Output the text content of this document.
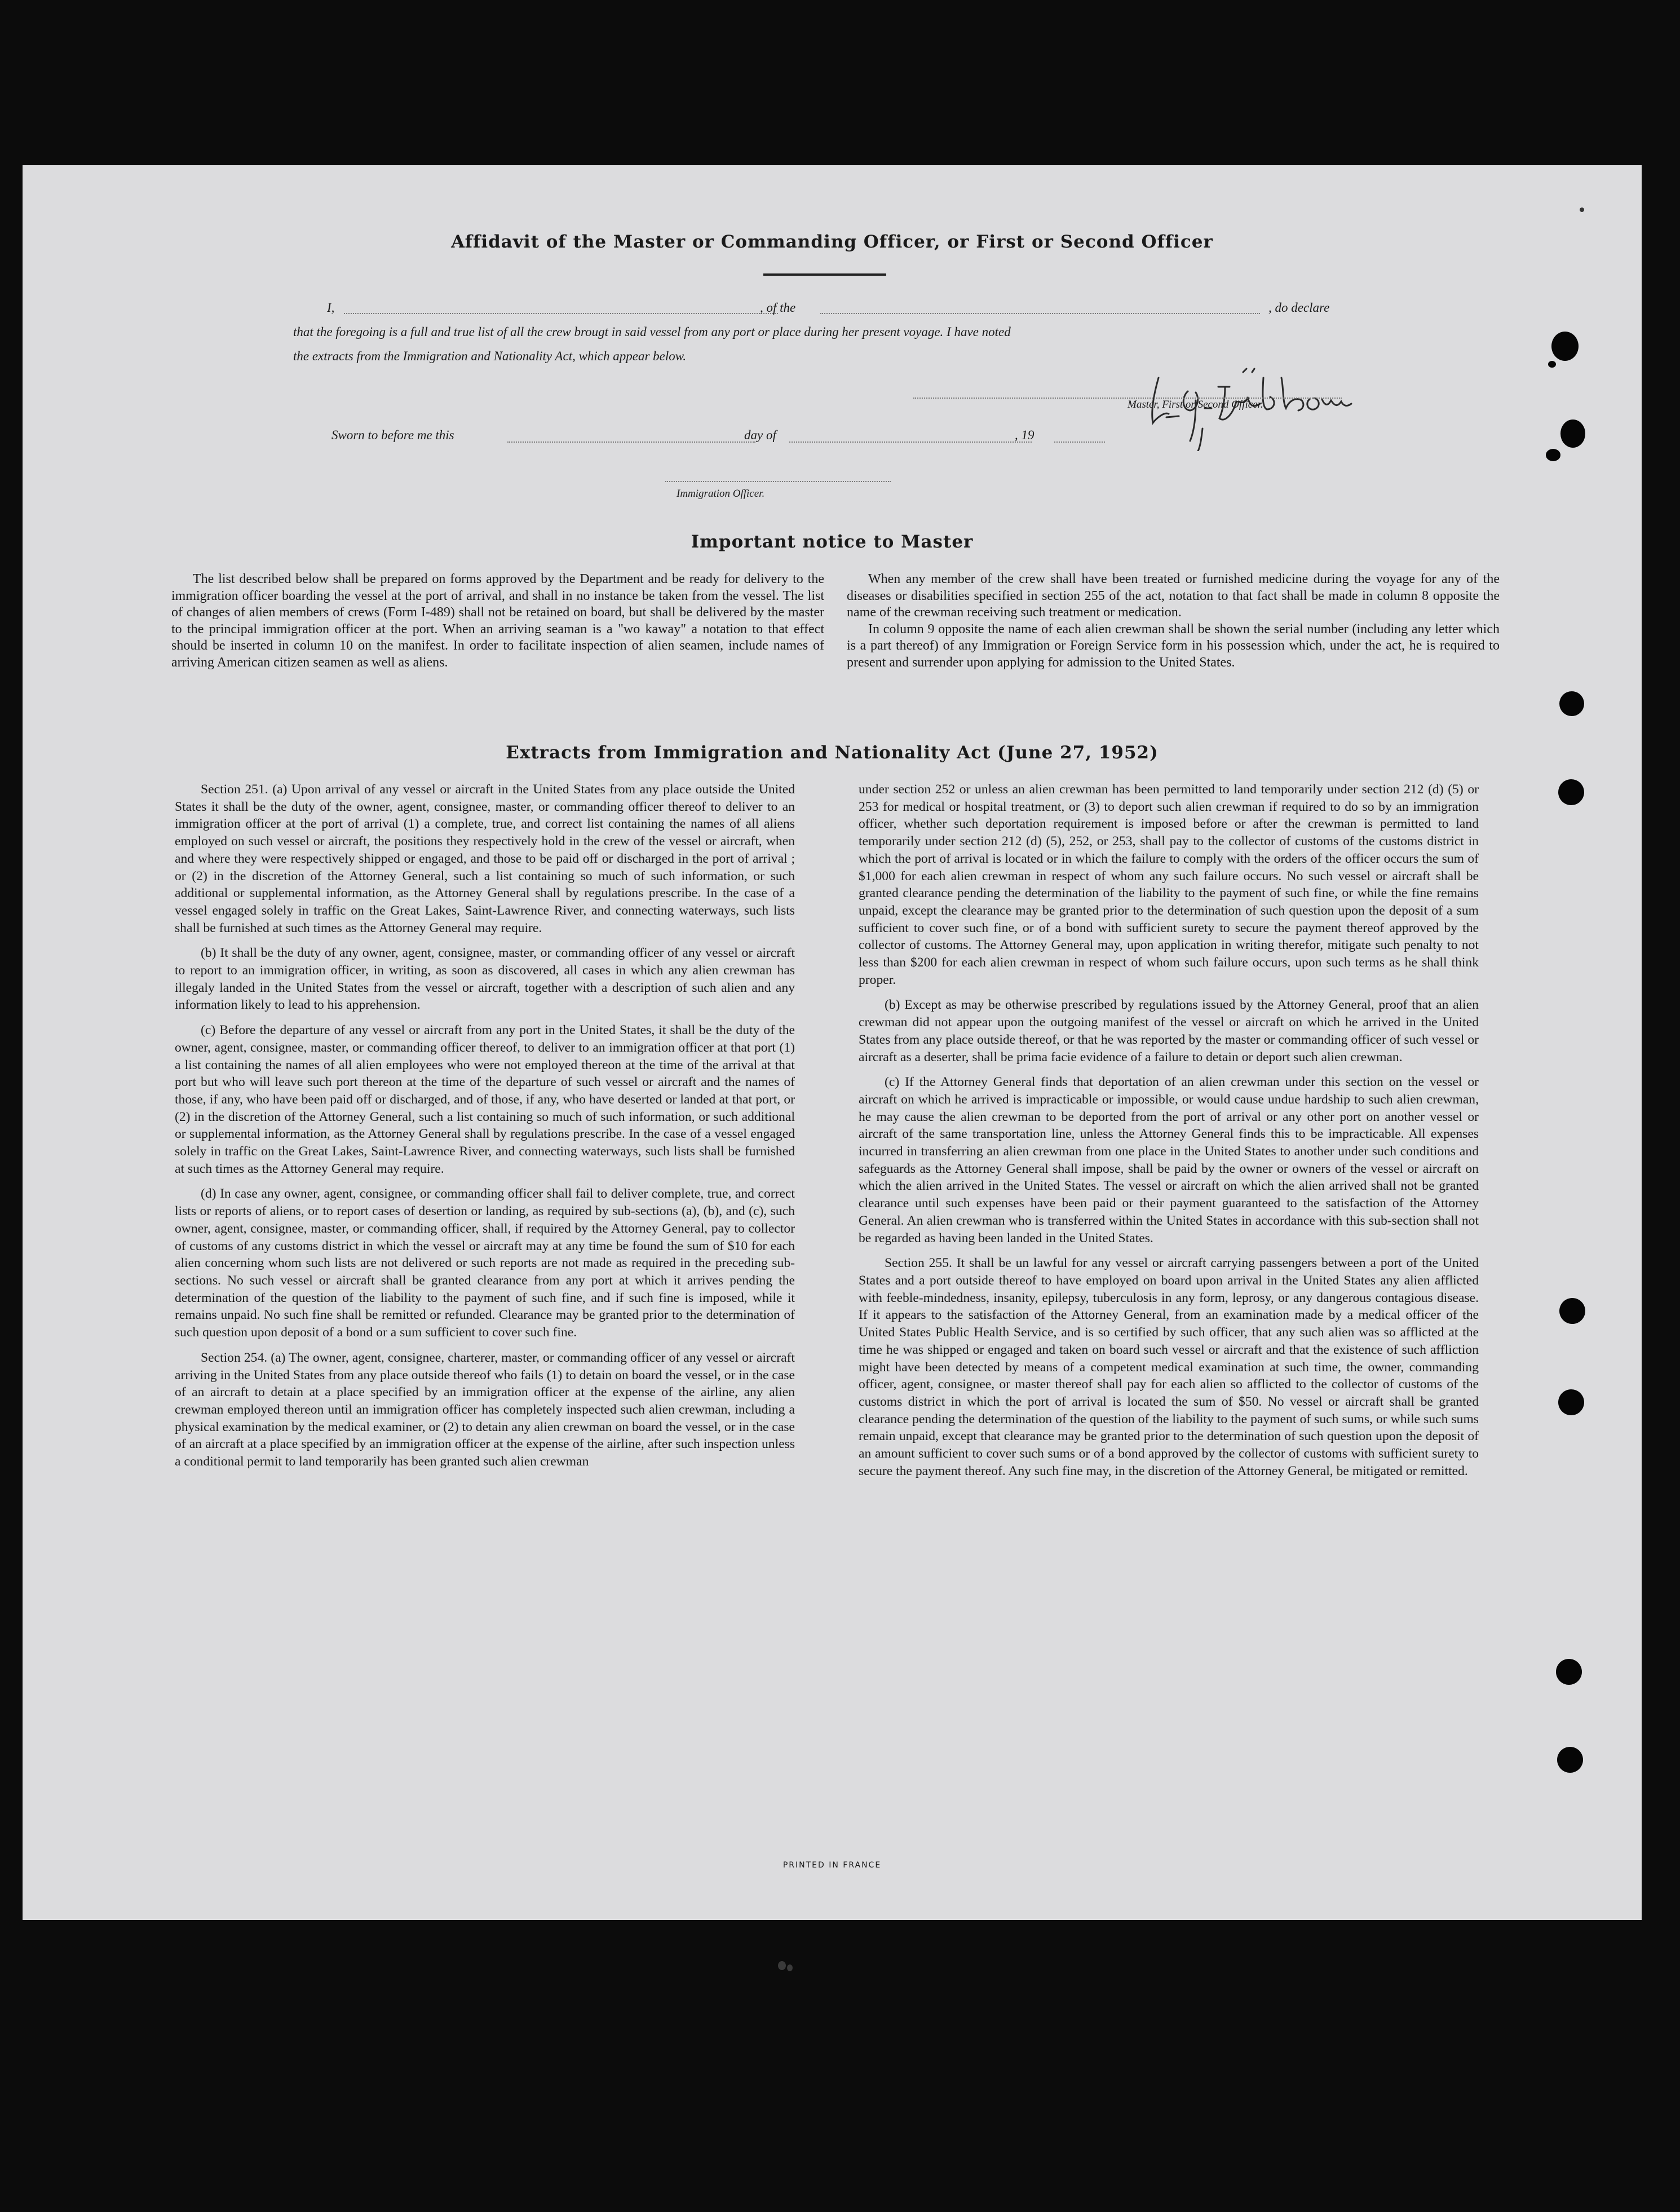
Affidavit of the Master or Commanding Officer, or First or Second Officer
I,	, of the	, do declare
that the foregoing is a full and true list of all the crew brougt in said vessel from any port or place during her present voyage. I have noted
the extracts from the Immigration and Nationality Act, which appear below.
Master, First or Second Officer.
Sworn to before me this	day of	, 19
Immigration Officer.
Important notice to Master

The list described below shall be prepared on forms approved by the Department and be ready for delivery to the immigration officer boarding the vessel at the port of arrival, and shall in no instance be taken from the vessel. The list of changes of alien members of crews (Form I-489) shall not be retained on board, but shall be delivered by the master to the principal immigration officer at the port. When an arriving seaman is a "wo kaway" a notation to that effect should be inserted in column 10 on the manifest. In order to facilitate inspection of alien seamen, include names of arriving American citizen seamen as well as aliens.

When any member of the crew shall have been treated or furnished medicine during the voyage for any of the diseases or disabilities specified in section 255 of the act, notation to that fact shall be made in column 8 opposite the name of the crewman receiving such treatment or medication.

In column 9 opposite the name of each alien crewman shall be shown the serial number (including any letter which is a part thereof) of any Immigration or Foreign Service form in his possession which, under the act, he is required to present and surrender upon applying for admission to the United States.

Extracts from Immigration and Nationality Act (June 27, 1952)

Section 251. (a) Upon arrival of any vessel or aircraft in the United States from any place outside the United States it shall be the duty of the owner, agent, consignee, master, or commanding officer thereof to deliver to an immigration officer at the port of arrival (1) a complete, true, and correct list containing the names of all aliens employed on such vessel or aircraft, the positions they respectively hold in the crew of the vessel or aircraft, when and where they were respectively shipped or engaged, and those to be paid off or discharged in the port of arrival ; or (2) in the discretion of the Attorney General, such a list containing so much of such information, or such additional or supplemental information, as the Attorney General shall by regulations prescribe. In the case of a vessel engaged solely in traffic on the Great Lakes, Saint-Lawrence River, and connecting waterways, such lists shall be furnished at such times as the Attorney General may require.

(b) It shall be the duty of any owner, agent, consignee, master, or commanding officer of any vessel or aircraft to report to an immigration officer, in writing, as soon as discovered, all cases in which any alien crewman has illegaly landed in the United States from the vessel or aircraft, together with a description of such alien and any information likely to lead to his apprehension.

(c) Before the departure of any vessel or aircraft from any port in the United States, it shall be the duty of the owner, agent, consignee, master, or commanding officer thereof, to deliver to an immigration officer at that port (1) a list containing the names of all alien employees who were not employed thereon at the time of the arrival at that port but who will leave such port thereon at the time of the departure of such vessel or aircraft and the names of those, if any, who have been paid off or discharged, and of those, if any, who have deserted or landed at that port, or (2) in the discretion of the Attorney General, such a list containing so much of such information, or such additional or supplemental information, as the Attorney General shall by regulations prescribe. In the case of a vessel engaged solely in traffic on the Great Lakes, Saint-Lawrence River, and connecting waterways, such lists shall be furnished at such times as the Attorney General may require.

(d) In case any owner, agent, consignee, or commanding officer shall fail to deliver complete, true, and correct lists or reports of aliens, or to report cases of desertion or landing, as required by sub-sections (a), (b), and (c), such owner, agent, consignee, master, or commanding officer, shall, if required by the Attorney General, pay to collector of customs of any customs district in which the vessel or aircraft may at any time be found the sum of $10 for each alien concerning whom such lists are not delivered or such reports are not made as required in the preceding sub-sections. No such vessel or aircraft shall be granted clearance from any port at which it arrives pending the determination of the question of the liability to the payment of such fine, and if such fine is imposed, while it remains unpaid. No such fine shall be remitted or refunded. Clearance may be granted prior to the determination of such question upon deposit of a bond or a sum sufficient to cover such fine.

Section 254. (a) The owner, agent, consignee, charterer, master, or commanding officer of any vessel or aircraft arriving in the United States from any place outside thereof who fails (1) to detain on board the vessel, or in the case of an aircraft to detain at a place specified by an immigration officer at the expense of the airline, any alien crewman employed thereon until an immigration officer has completely inspected such alien crewman, including a physical examination by the medical examiner, or (2) to detain any alien crewman on board the vessel, or in the case of an aircraft at a place specified by an immigration officer at the expense of the airline, after such inspection unless a conditional permit to land temporarily has been granted such alien crewman

under section 252 or unless an alien crewman has been permitted to land temporarily under section 212 (d) (5) or 253 for medical or hospital treatment, or (3) to deport such alien crewman if required to do so by an immigration officer, whether such deportation requirement is imposed before or after the crewman is permitted to land temporarily under section 212 (d) (5), 252, or 253, shall pay to the collector of customs of the customs district in which the port of arrival is located or in which the failure to comply with the orders of the officer occurs the sum of $1,000 for each alien crewman in respect of whom any such failure occurs. No such vessel or aircraft shall be granted clearance pending the determination of the liability to the payment of such fine, or while the fine remains unpaid, except the clearance may be granted prior to the determination of such question upon the deposit of a sum sufficient to cover such fine, or of a bond with sufficient surety to secure the payment thereof approved by the collector of customs. The Attorney General may, upon application in writing therefor, mitigate such penalty to not less than $200 for each alien crewman in respect of whom such failure occurs, upon such terms as he shall think proper.

(b) Except as may be otherwise prescribed by regulations issued by the Attorney General, proof that an alien crewman did not appear upon the outgoing manifest of the vessel or aircraft on which he arrived in the United States from any place outside thereof, or that he was reported by the master or commanding officer of such vessel or aircraft as a deserter, shall be prima facie evidence of a failure to detain or deport such alien crewman.

(c) If the Attorney General finds that deportation of an alien crewman under this section on the vessel or aircraft on which he arrived is impracticable or impossible, or would cause undue hardship to such alien crewman, he may cause the alien crewman to be deported from the port of arrival or any other port on another vessel or aircraft of the same transportation line, unless the Attorney General finds this to be impracticable. All expenses incurred in transferring an alien crewman from one place in the United States to another under such conditions and safeguards as the Attorney General shall impose, shall be paid by the owner or owners of the vessel or aircraft on which the alien arrived in the United States. The vessel or aircraft on which the alien arrived shall not be granted clearance until such expenses have been paid or their payment guaranteed to the satisfaction of the Attorney General. An alien crewman who is transferred within the United States in accordance with this sub-section shall not be regarded as having been landed in the United States.

Section 255. It shall be un lawful for any vessel or aircraft carrying passengers between a port of the United States and a port outside thereof to have employed on board upon arrival in the United States any alien afflicted with feeble-mindedness, insanity, epilepsy, tuberculosis in any form, leprosy, or any dangerous contagious disease. If it appears to the satisfaction of the Attorney General, from an examination made by a medical officer of the United States Public Health Service, and is so certified by such officer, that any such alien was so afflicted at the time he was shipped or engaged and taken on board such vessel or aircraft and that the existence of such affliction might have been detected by means of a competent medical examination at such time, the owner, commanding officer, agent, consignee, or master thereof shall pay for each alien so afflicted to the collector of customs of the customs district in which the port of arrival is located the sum of $50. No vessel or aircraft shall be granted clearance pending the determination of the question of the liability to the payment of such sums, or while such sums remain unpaid, except that clearance may be granted prior to the determination of such question upon the deposit of an amount sufficient to cover such sums or of a bond approved by the collector of customs with sufficient surety to secure the payment thereof. Any such fine may, in the discretion of the Attorney General, be mitigated or remitted.

PRINTED IN FRANCE
